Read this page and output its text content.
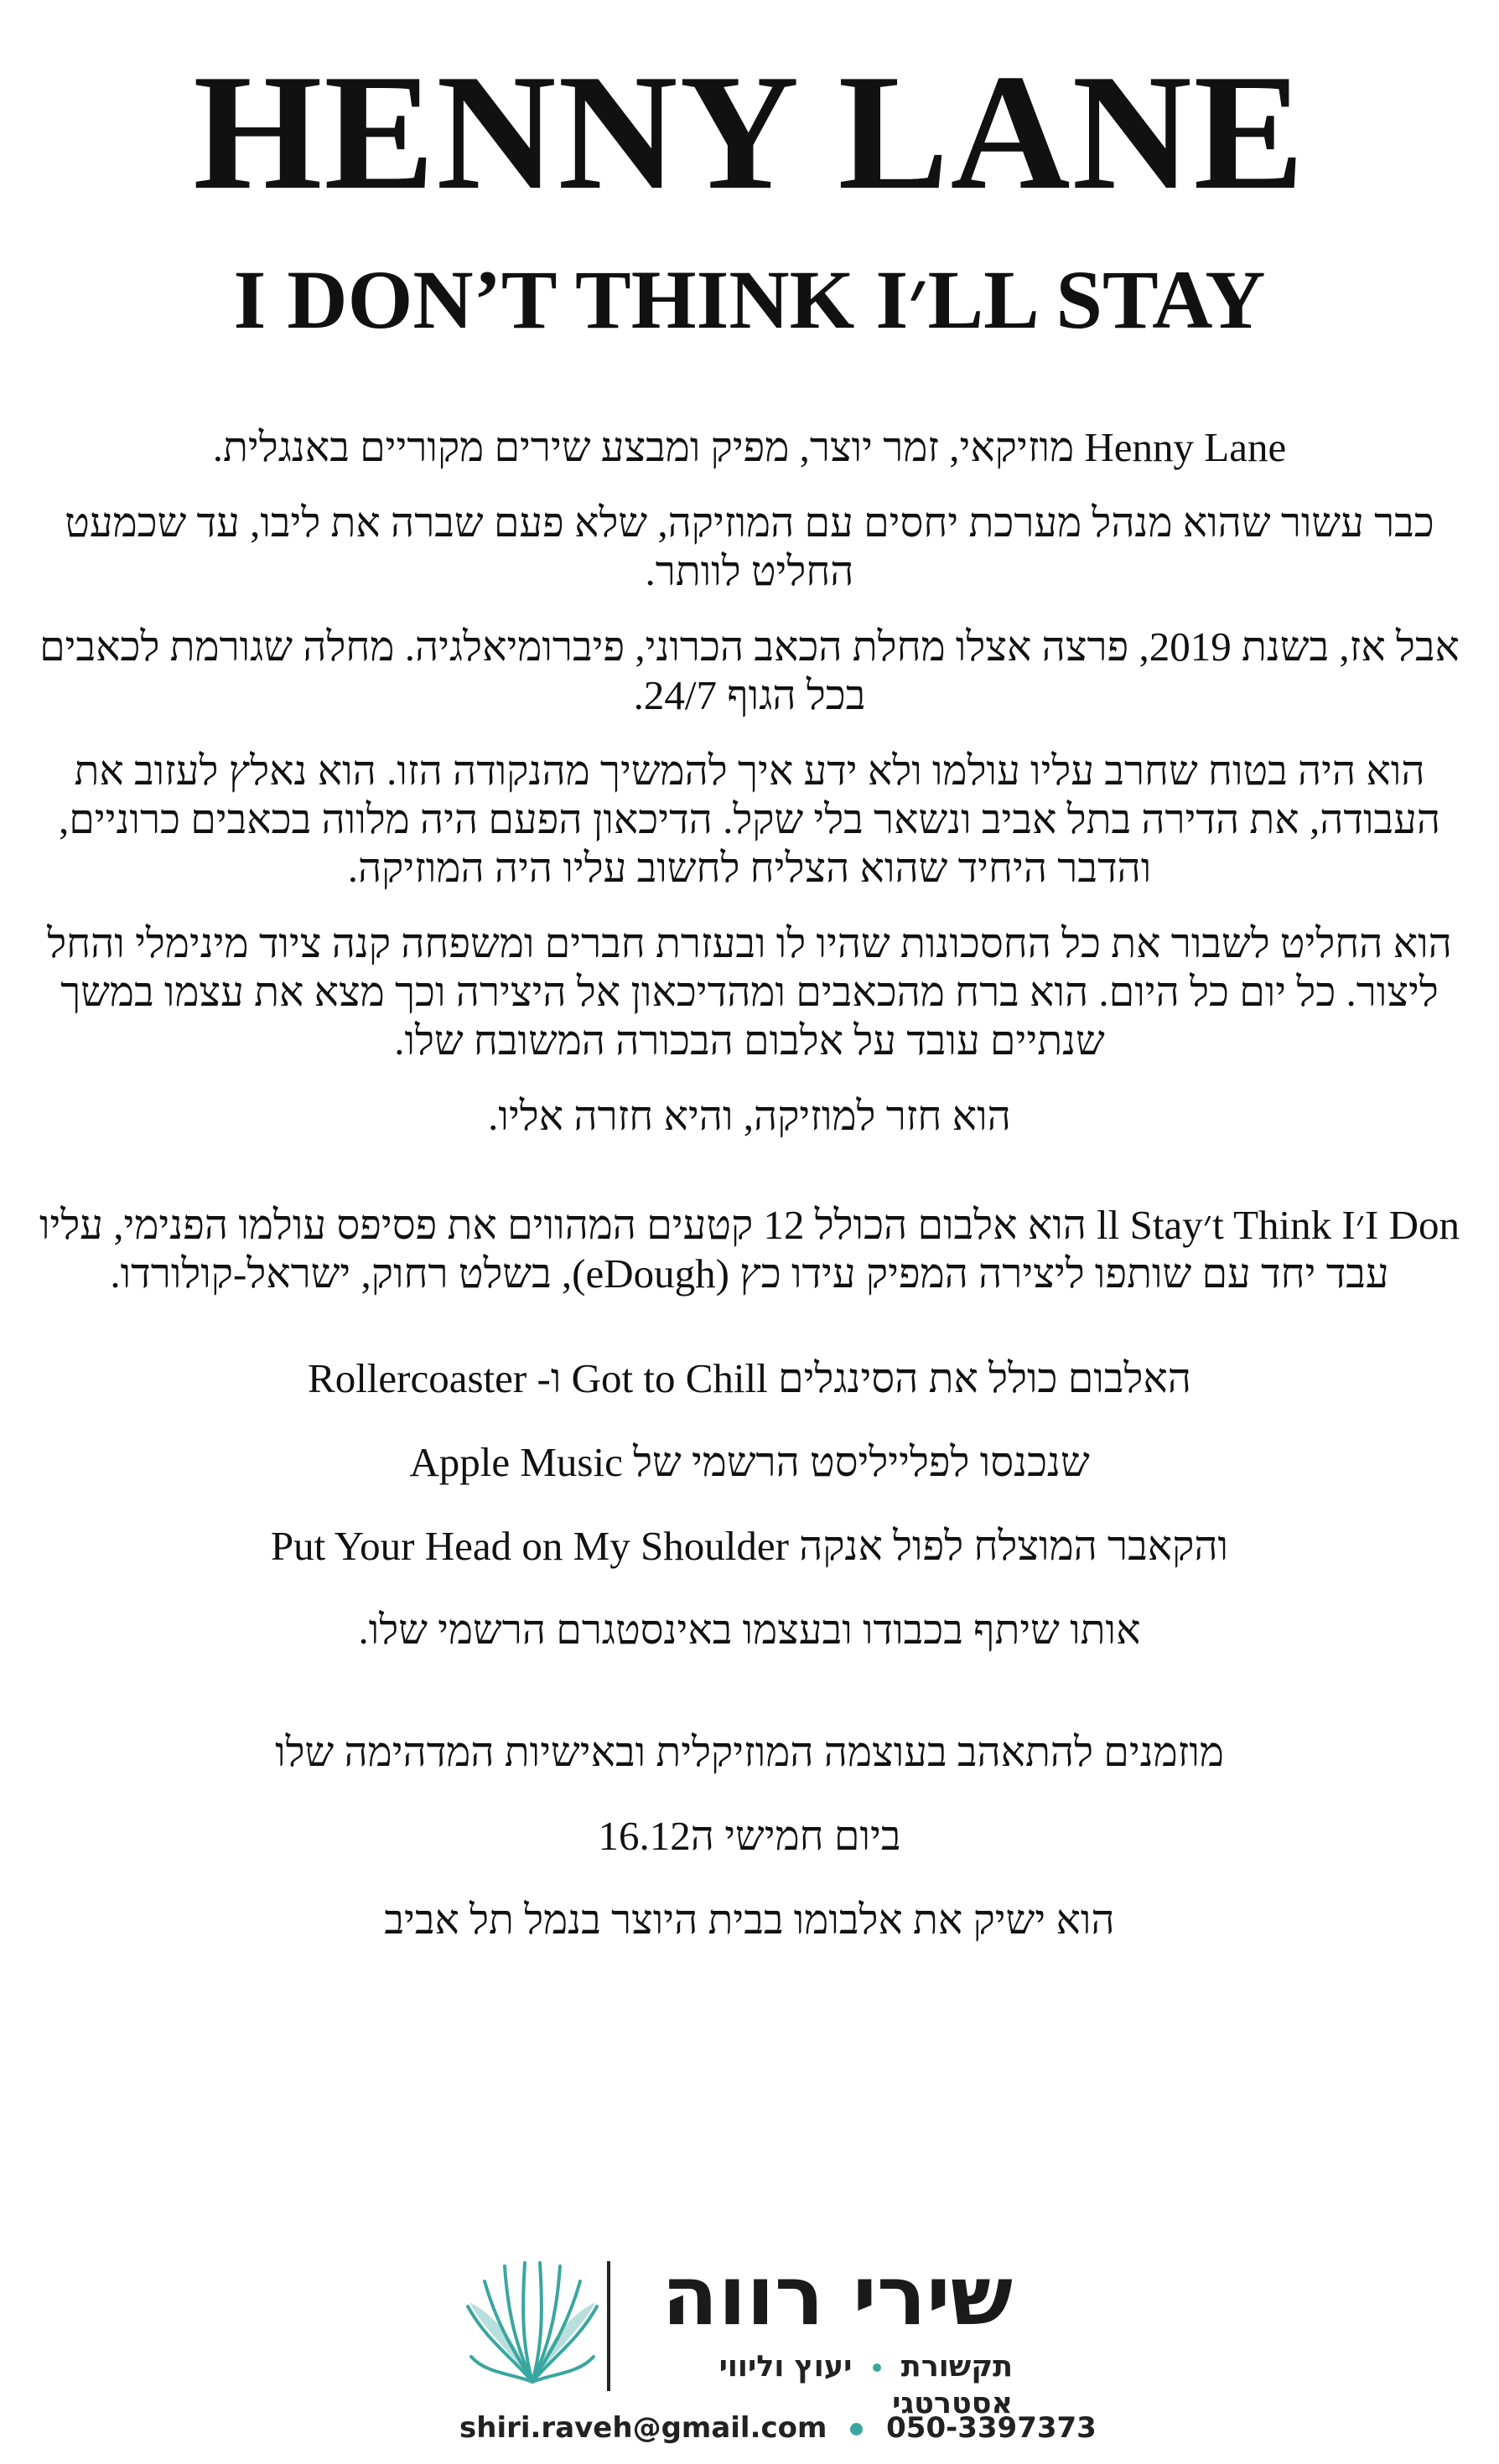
HENNY LANE
I DON’T THINK I׳LL STAY

Henny Lane מוזיקאי, זמר יוצר, מפיק ומבצע שירים מקוריים באנגלית.

כבר עשור שהוא מנהל מערכת יחסים עם המוזיקה, שלא פעם שברה את ליבו, עד שכמעט החליט לוותר.

אבל אז, בשנת 2019, פרצה אצלו מחלת הכאב הכרוני, פיברומיאלגיה. מחלה שגורמת לכאבים בכל הגוף 24/7.

הוא היה בטוח שחרב עליו עולמו ולא ידע איך להמשיך מהנקודה הזו. הוא נאלץ לעזוב את העבודה, את הדירה בתל אביב ונשאר בלי שקל. הדיכאון הפעם היה מלווה בכאבים כרוניים, והדבר היחיד שהוא הצליח לחשוב עליו היה המוזיקה.

הוא החליט לשבור את כל החסכונות שהיו לו ובעזרת חברים ומשפחה קנה ציוד מינימלי והחל ליצור. כל יום כל היום. הוא ברח מהכאבים ומהדיכאון אל היצירה וכך מצא את עצמו במשך שנתיים עובד על אלבום הבכורה המשובח שלו.

הוא חזר למוזיקה, והיא חזרה אליו.

I Don׳t Think I׳ll Stay הוא אלבום הכולל 12 קטעים המהווים את פסיפס עולמו הפנימי, עליו עבד יחד עם שותפו ליצירה המפיק עידו כץ (eDough), בשלט רחוק, ישראל-קולורדו.

האלבום כולל את הסינגלים Got to Chill ו- Rollercoaster

שנכנסו לפלייליסט הרשמי של Apple Music

והקאבר המוצלח לפול אנקה Put Your Head on My Shoulder

אותו שיתף בכבודו ובעצמו באינסטגרם הרשמי שלו.

מוזמנים להתאהב בעוצמה המוזיקלית ובאישיות המדהימה שלו

ביום חמישי ה16.12

הוא ישיק את אלבומו בבית היוצר בנמל תל אביב

שירי רווה
תקשורת  יעוץ וליווי אסטרטגי
shiri.raveh@gmail.com 050-3397373
